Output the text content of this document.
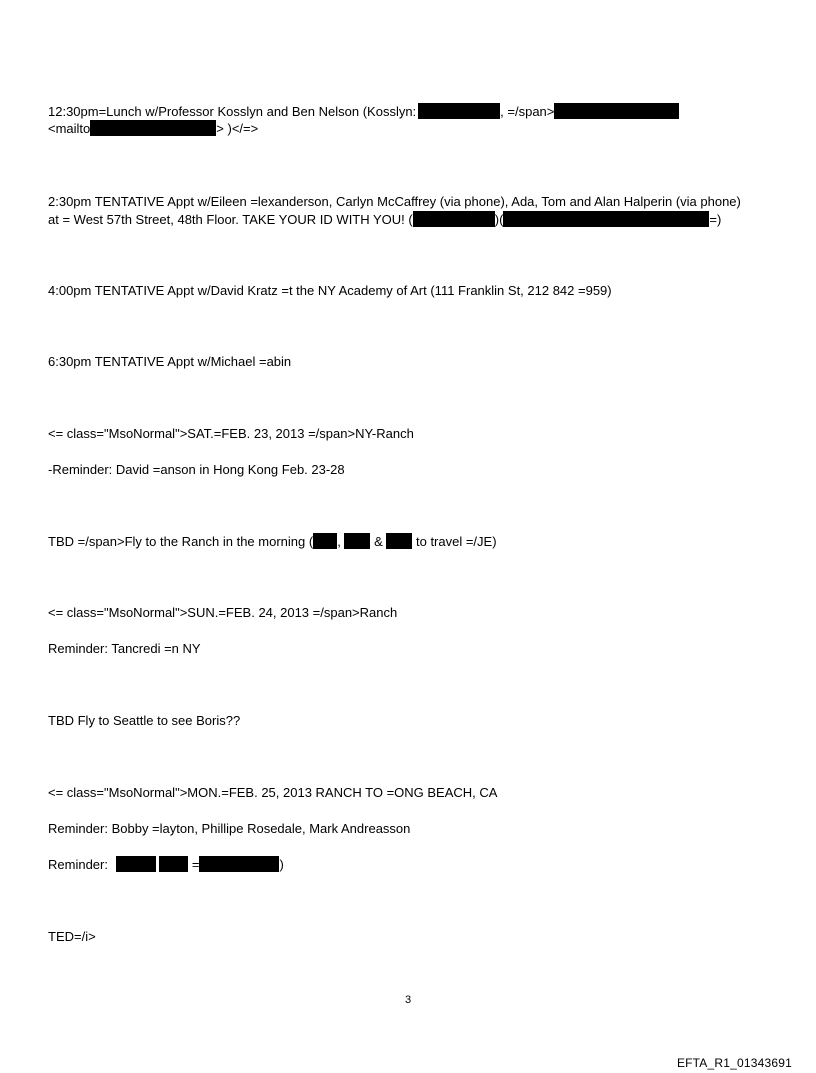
12:30pm=Lunch w/Professor Kosslyn and Ben Nelson (Kosslyn:	, =/span>
<mailto	> )</=>
2:30pm TENTATIVE Appt w/Eileen =lexanderson, Carlyn McCaffrey (via phone), Ada, Tom and Alan Halperin (via phone)
at = West 57th Street, 48th Floor. TAKE YOUR ID WITH YOU! (	)(	=)
4:00pm TENTATIVE Appt w/David Kratz =t the NY Academy of Art (111 Franklin St, 212 842 =959)
6:30pm TENTATIVE Appt w/Michael =abin
<= class="MsoNormal">SAT.=FEB. 23, 2013 =/span>NY-Ranch
-Reminder: David =anson in Hong Kong Feb. 23-28
TBD =/span>Fly to the Ranch in the morning ( ,	&	to travel =/JE)
<= class="MsoNormal">SUN.=FEB. 24, 2013 =/span>Ranch
Reminder: Tancredi =n NY
TBD Fly to Seattle to see Boris??
<= class="MsoNormal">MON.=FEB. 25, 2013 RANCH TO =ONG BEACH, CA
Reminder: Bobby =layton, Phillipe Rosedale, Mark Andreasson
Reminder:	=	)
TED=/i>
3
EFTA_R1_01343691
